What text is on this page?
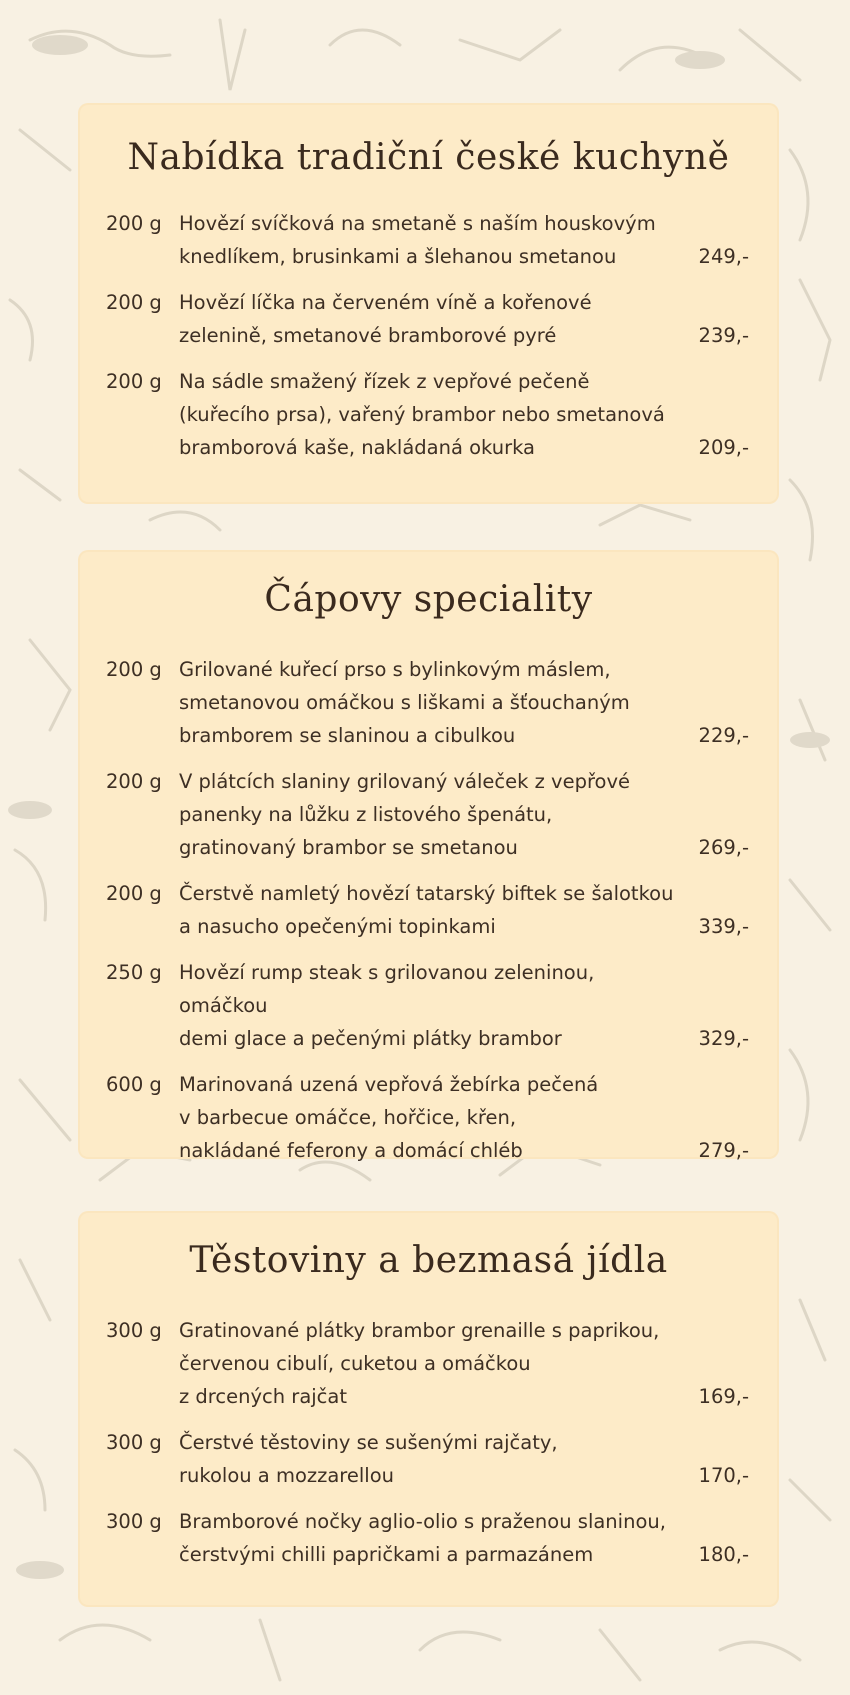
Nabídka tradiční české kuchyně
200 g Hovězí svíčková na smetaně s naším houskovým
knedlíkem, brusinkami a šlehanou smetanou	249,-
200 g Hovězí líčka na červeném víně a kořenové
zelenině, smetanové bramborové pyré	239,-
200 g Na sádle smažený řízek z vepřové pečeně
(kuřecího prsa), vařený brambor nebo smetanová
bramborová kaše, nakládaná okurka	209,-
Čápovy speciality
200 g Grilované kuřecí prso s bylinkovým máslem,
smetanovou omáčkou s liškami a šťouchaným
bramborem se slaninou a cibulkou	229,-
200 g V plátcích slaniny grilovaný váleček z vepřové
panenky na lůžku z listového špenátu,
gratinovaný brambor se smetanou	269,-
200 g Čerstvě namletý hovězí tatarský biftek se šalotkou
a nasucho opečenými topinkami	339,-
250 g Hovězí rump steak s grilovanou zeleninou, omáčkou
demi glace a pečenými plátky brambor	329,-
600 g Marinovaná uzená vepřová žebírka pečená
v barbecue omáčce, hořčice, křen,
nakládané feferony a domácí chléb	279,-
Těstoviny a bezmasá jídla
300 g Gratinované plátky brambor grenaille s paprikou,
červenou cibulí, cuketou a omáčkou
z drcených rajčat	169,-
300 g Čerstvé těstoviny se sušenými rajčaty,
rukolou a mozzarellou	170,-
300 g Bramborové nočky aglio-olio s praženou slaninou,
čerstvými chilli papričkami a parmazánem	180,-
